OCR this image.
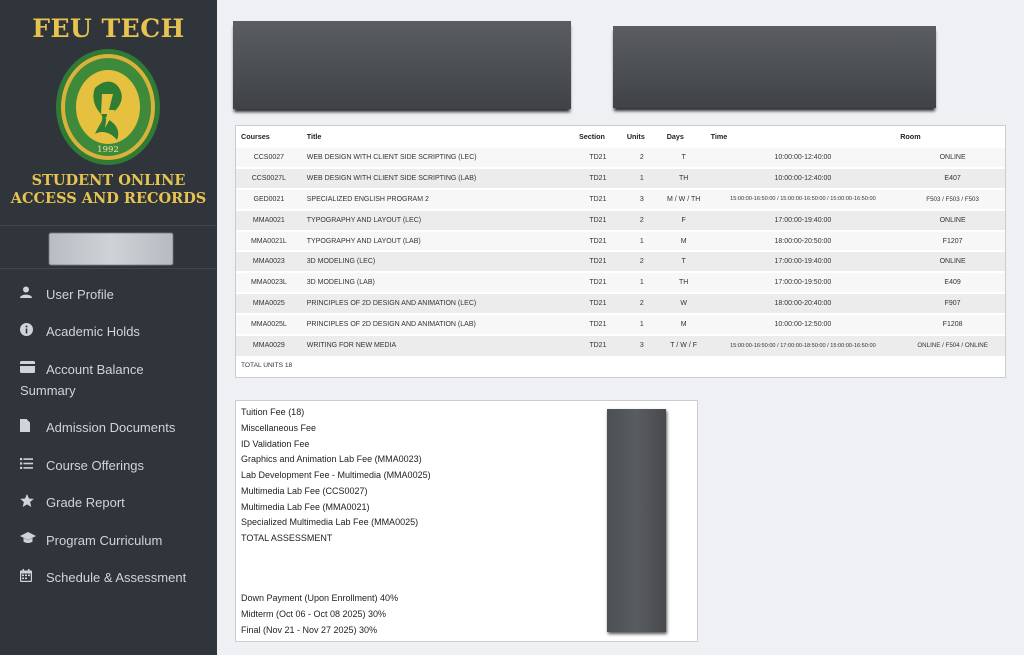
FEU TECH
1992
STUDENT ONLINE
ACCESS AND RECORDS
User Profile
Academic Holds
Account Balance Summary
Admission Documents
Course Offerings
Grade Report
Program Curriculum
Schedule & Assessment
Courses	Title	Section	Units	Days	Time	Room
CCS0027	WEB DESIGN WITH CLIENT SIDE SCRIPTING (LEC)	TD21	2	T	10:00:00-12:40:00	ONLINE
CCS0027L	WEB DESIGN WITH CLIENT SIDE SCRIPTING (LAB)	TD21	1	TH	10:00:00-12:40:00	E407
GED0021	SPECIALIZED ENGLISH PROGRAM 2	TD21	3	M / W / TH	15:00:00-16:50:00 / 15:00:00-16:50:00 / 15:00:00-16:50:00	F503 / F503 / F503
MMA0021	TYPOGRAPHY AND LAYOUT (LEC)	TD21	2	F	17:00:00-19:40:00	ONLINE
MMA0021L	TYPOGRAPHY AND LAYOUT (LAB)	TD21	1	M	18:00:00-20:50:00	F1207
MMA0023	3D MODELING (LEC)	TD21	2	T	17:00:00-19:40:00	ONLINE
MMA0023L	3D MODELING (LAB)	TD21	1	TH	17:00:00-19:50:00	E409
MMA0025	PRINCIPLES OF 2D DESIGN AND ANIMATION (LEC)	TD21	2	W	18:00:00-20:40:00	F907
MMA0025L	PRINCIPLES OF 2D DESIGN AND ANIMATION (LAB)	TD21	1	M	10:00:00-12:50:00	F1208
MMA0029	WRITING FOR NEW MEDIA	TD21	3	T / W / F	15:00:00-16:50:00 / 17:00:00-18:50:00 / 15:00:00-16:50:00	ONLINE / F504 / ONLINE
TOTAL UNITS 18
Tuition Fee (18)
Miscellaneous Fee
ID Validation Fee
Graphics and Animation Lab Fee (MMA0023)
Lab Development Fee - Multimedia (MMA0025)
Multimedia Lab Fee (CCS0027)
Multimedia Lab Fee (MMA0021)
Specialized Multimedia Lab Fee (MMA0025)
TOTAL ASSESSMENT
Down Payment (Upon Enrollment) 40%
Midterm (Oct 06 - Oct 08 2025) 30%
Final (Nov 21 - Nov 27 2025) 30%
